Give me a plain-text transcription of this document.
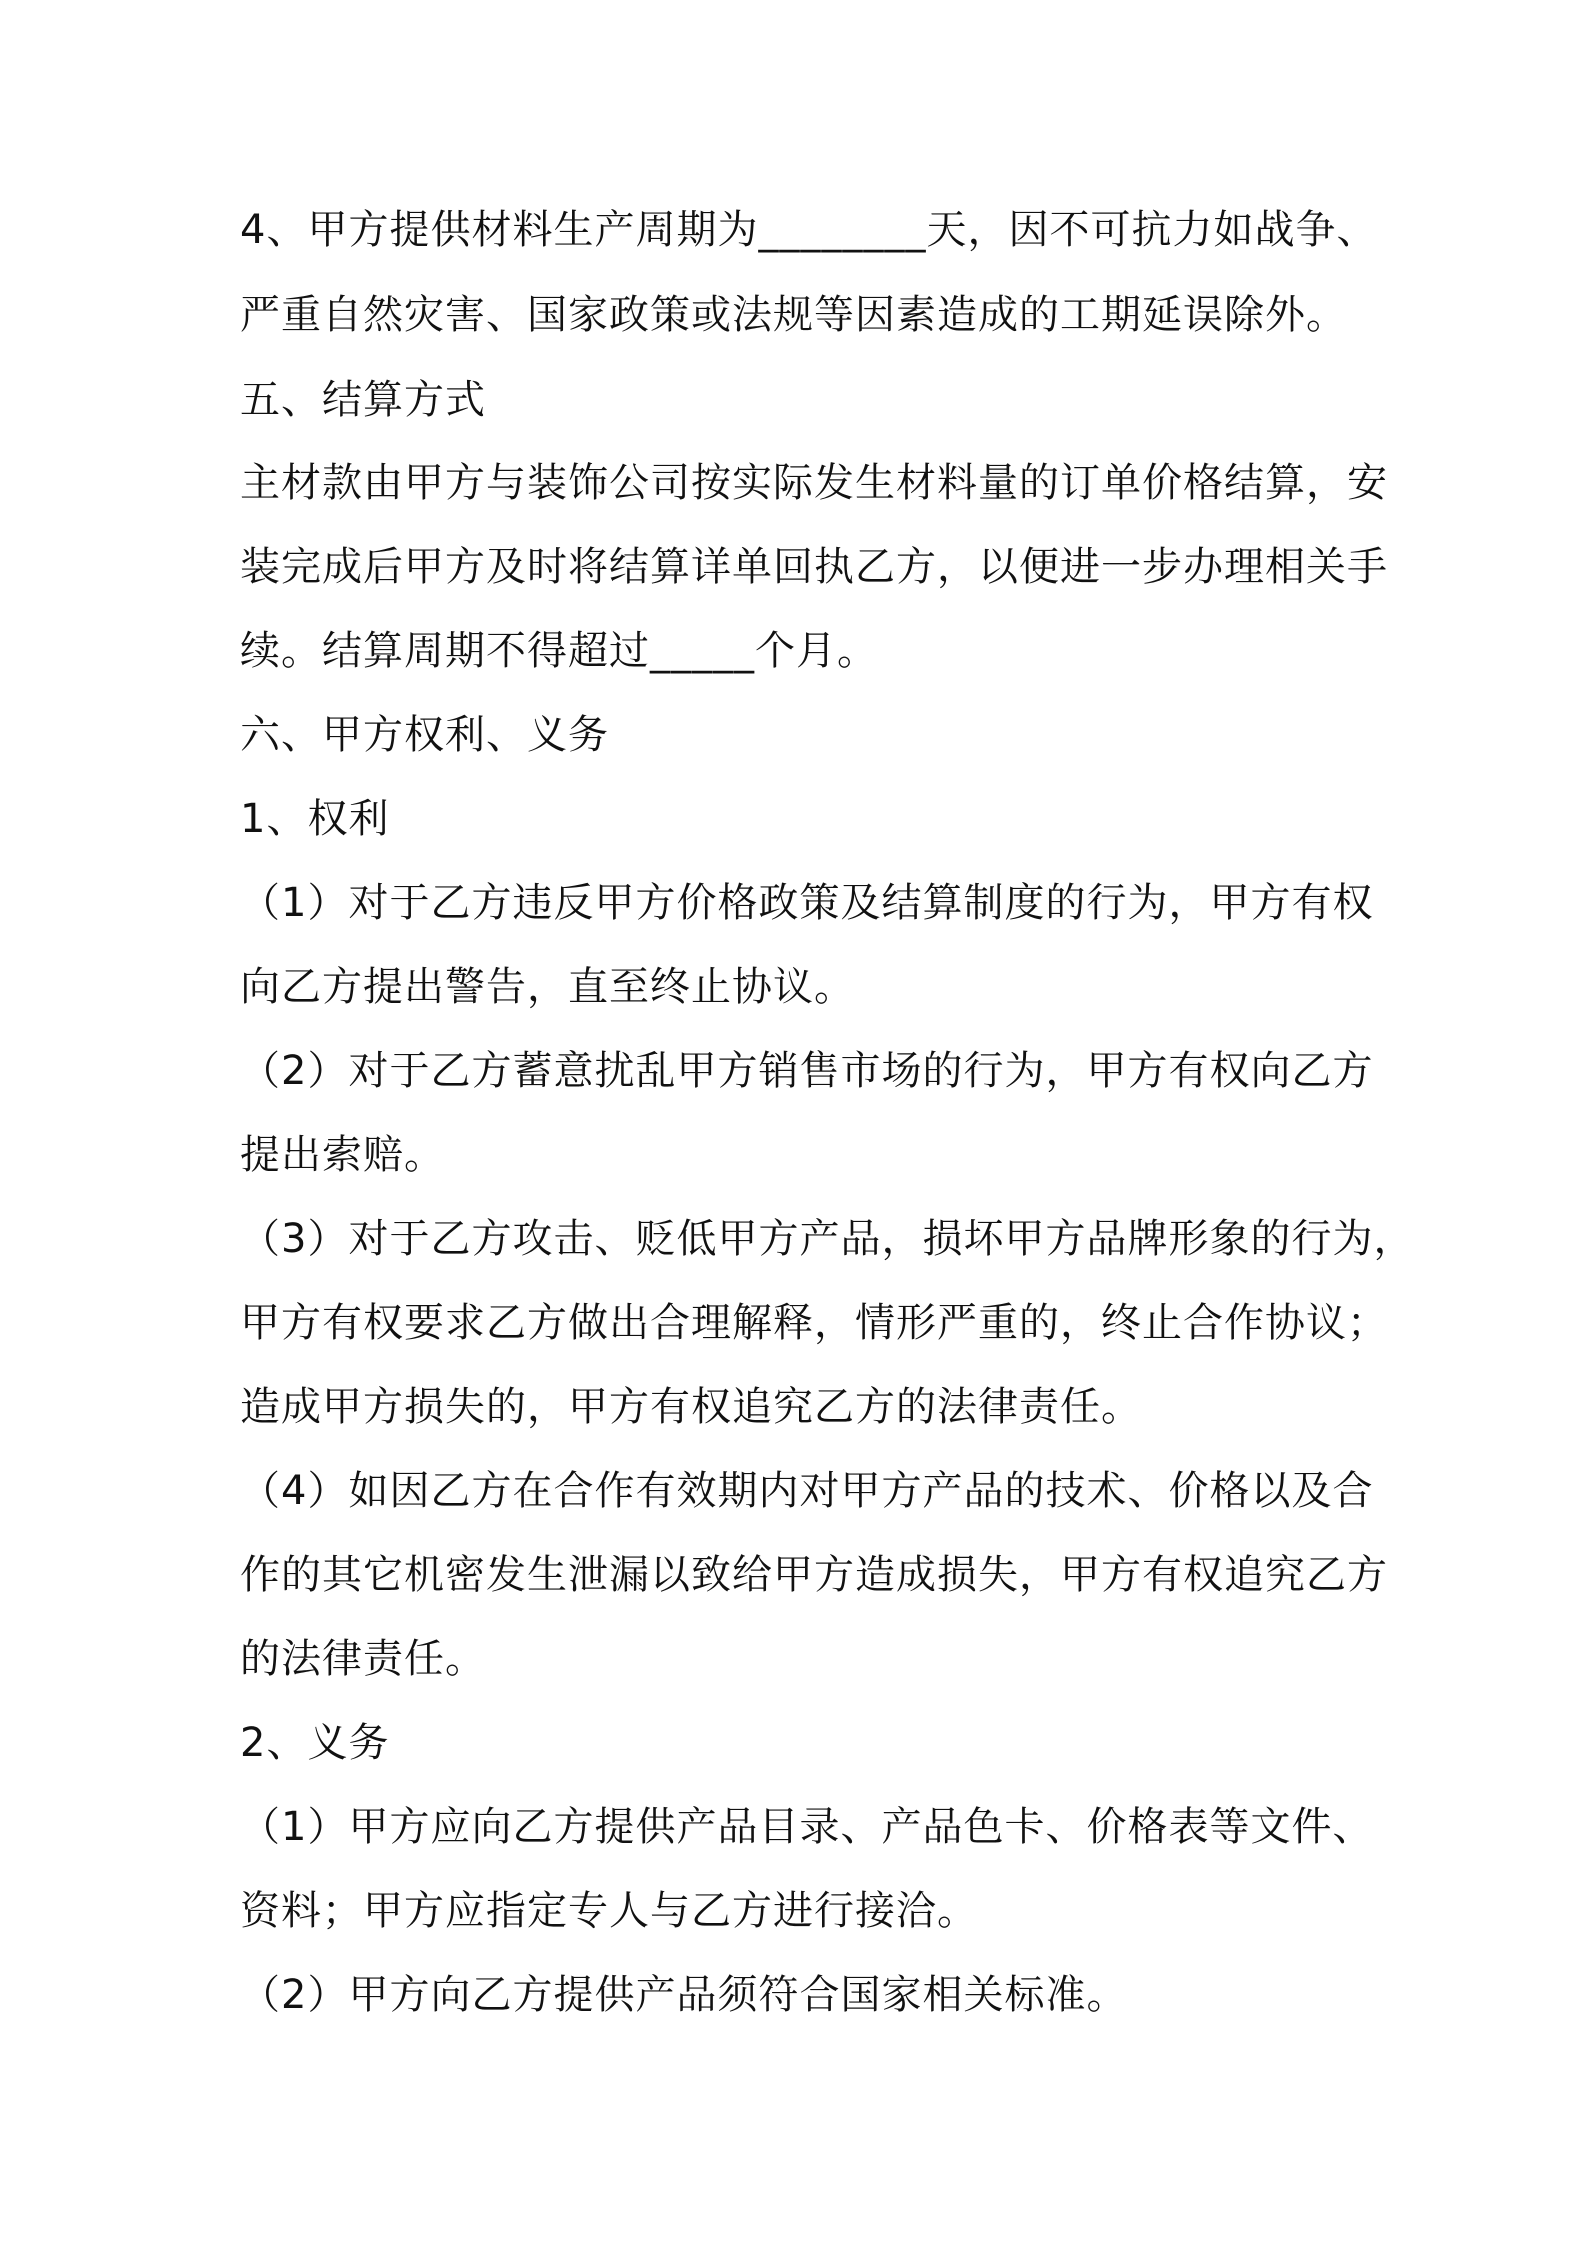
4、甲方提供材料生产周期为________天，因不可抗力如战争、
严重自然灾害、国家政策或法规等因素造成的工期延误除外。
五、结算方式
主材款由甲方与装饰公司按实际发生材料量的订单价格结算，安
装完成后甲方及时将结算详单回执乙方，以便进一步办理相关手
续。结算周期不得超过_____个月。
六、甲方权利、义务
1、权利
（1）对于乙方违反甲方价格政策及结算制度的行为，甲方有权
向乙方提出警告，直至终止协议。
（2）对于乙方蓄意扰乱甲方销售市场的行为，甲方有权向乙方
提出索赔。
（3）对于乙方攻击、贬低甲方产品，损坏甲方品牌形象的行为，
甲方有权要求乙方做出合理解释，情形严重的，终止合作协议；
造成甲方损失的，甲方有权追究乙方的法律责任。
（4）如因乙方在合作有效期内对甲方产品的技术、价格以及合
作的其它机密发生泄漏以致给甲方造成损失，甲方有权追究乙方
的法律责任。
2、义务
（1）甲方应向乙方提供产品目录、产品色卡、价格表等文件、
资料；甲方应指定专人与乙方进行接洽。
（2）甲方向乙方提供产品须符合国家相关标准。
